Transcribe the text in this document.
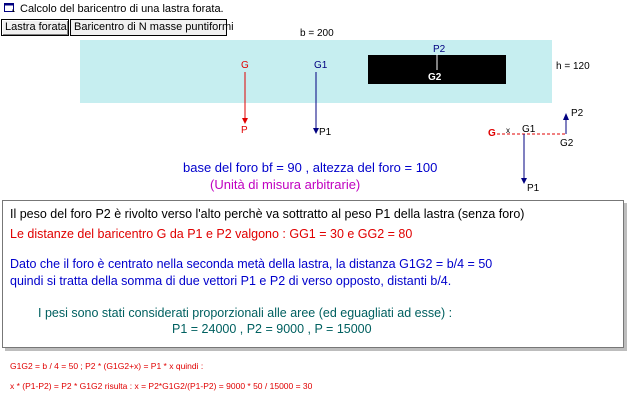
Calcolo del baricentro di una lastra forata.
Lastra forata Baricentro di N masse puntiformi
b = 200
h = 120
G
P
G1
P1
P2
G2
P2
G x G1
G2
P1
base del foro bf = 90 , altezza del foro = 100
(Unità di misura arbitrarie)
Il peso del foro P2 è rivolto verso l'alto perchè va sottratto al peso P1 della lastra (senza foro)
Le distanze del baricentro G da P1 e P2 valgono : GG1 = 30 e GG2 = 80
Dato che il foro è centrato nella seconda metà della lastra, la distanza G1G2 = b/4 = 50
quindi si tratta della somma di due vettori P1 e P2 di verso opposto, distanti b/4.
I pesi sono stati considerati proporzionali alle aree (ed eguagliati ad esse) :
P1 = 24000 , P2 = 9000 , P = 15000
G1G2 = b / 4 = 50 ; P2 * (G1G2+x) = P1 * x quindi :
x * (P1-P2) = P2 * G1G2 risulta : x = P2*G1G2/(P1-P2) = 9000 * 50 / 15000 = 30
